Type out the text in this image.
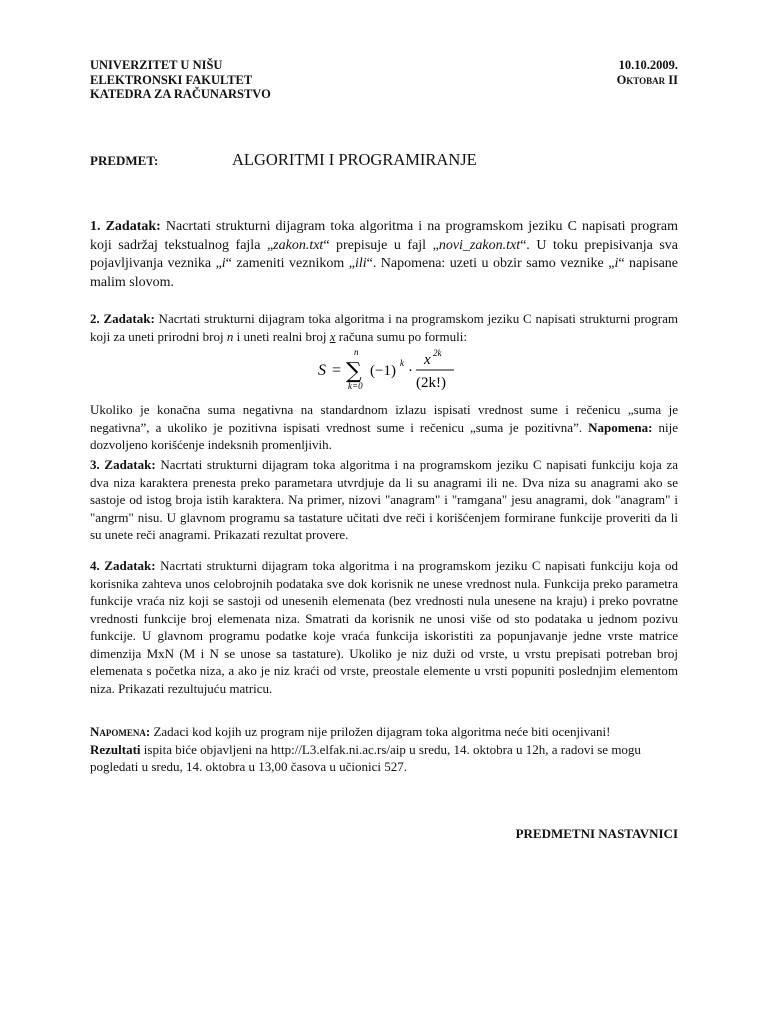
UNIVERZITET U NIŠU
ELEKTRONSKI FAKULTET
KATEDRA ZA RAČUNARSTVO
10.10.2009.
Oktobar II
PREDMET:	ALGORITMI I PROGRAMIRANJE

1. Zadatak: Nacrtati strukturni dijagram toka algoritma i na programskom jeziku C napisati program koji sadržaj tekstualnog fajla „zakon.txt“ prepisuje u fajl „novi_zakon.txt“. U toku prepisivanja sva pojavljivanja veznika „i“ zameniti veznikom „ili“. Napomena: uzeti u obzir samo veznike „i“ napisane malim slovom.

2. Zadatak: Nacrtati strukturni dijagram toka algoritma i na programskom jeziku C napisati strukturni program koji za uneti prirodni broj n i uneti realni broj x računa sumu po formuli:

S = ∑
n
k=0
(−1) k ·
x 2k
(2k!)

Ukoliko je konačna suma negativna na standardnom izlazu ispisati vrednost sume i rečenicu „suma je negativna”, a ukoliko je pozitivna ispisati vrednost sume i rečenicu „suma je pozitivna”. Napomena: nije dozvoljeno korišćenje indeksnih promenljivih.

3. Zadatak: Nacrtati strukturni dijagram toka algoritma i na programskom jeziku C napisati funkciju koja za dva niza karaktera prenesta preko parametara utvrdjuje da li su anagrami ili ne. Dva niza su anagrami ako se sastoje od istog broja istih karaktera. Na primer, nizovi "anagram" i "ramgana" jesu anagrami, dok "anagram" i "angrm" nisu. U glavnom programu sa tastature učitati dve reči i korišćenjem formirane funkcije proveriti da li su unete reči anagrami. Prikazati rezultat provere.

4. Zadatak: Nacrtati strukturni dijagram toka algoritma i na programskom jeziku C napisati funkciju koja od korisnika zahteva unos celobrojnih podataka sve dok korisnik ne unese vrednost nula. Funkcija preko parametra funkcije vraća niz koji se sastoji od unesenih elemenata (bez vrednosti nula unesene na kraju) i preko povratne vrednosti funkcije broj elemenata niza. Smatrati da korisnik ne unosi više od sto podataka u jednom pozivu funkcije. U glavnom programu podatke koje vraća funkcija iskoristiti za popunjavanje jedne vrste matrice dimenzija MxN (M i N se unose sa tastature). Ukoliko je niz duži od vrste, u vrstu prepisati potreban broj elemenata s početka niza, a ako je niz kraći od vrste, preostale elemente u vrsti popuniti poslednjim elementom niza. Prikazati rezultujuću matricu.

Napomena: Zadaci kod kojih uz program nije priložen dijagram toka algoritma neće biti ocenjivani!
Rezultati ispita biće objavljeni na http://L3.elfak.ni.ac.rs/aip u sredu, 14. oktobra u 12h, a radovi se mogu pogledati u sredu, 14. oktobra u 13,00 časova u učionici 527.

PREDMETNI NASTAVNICI
